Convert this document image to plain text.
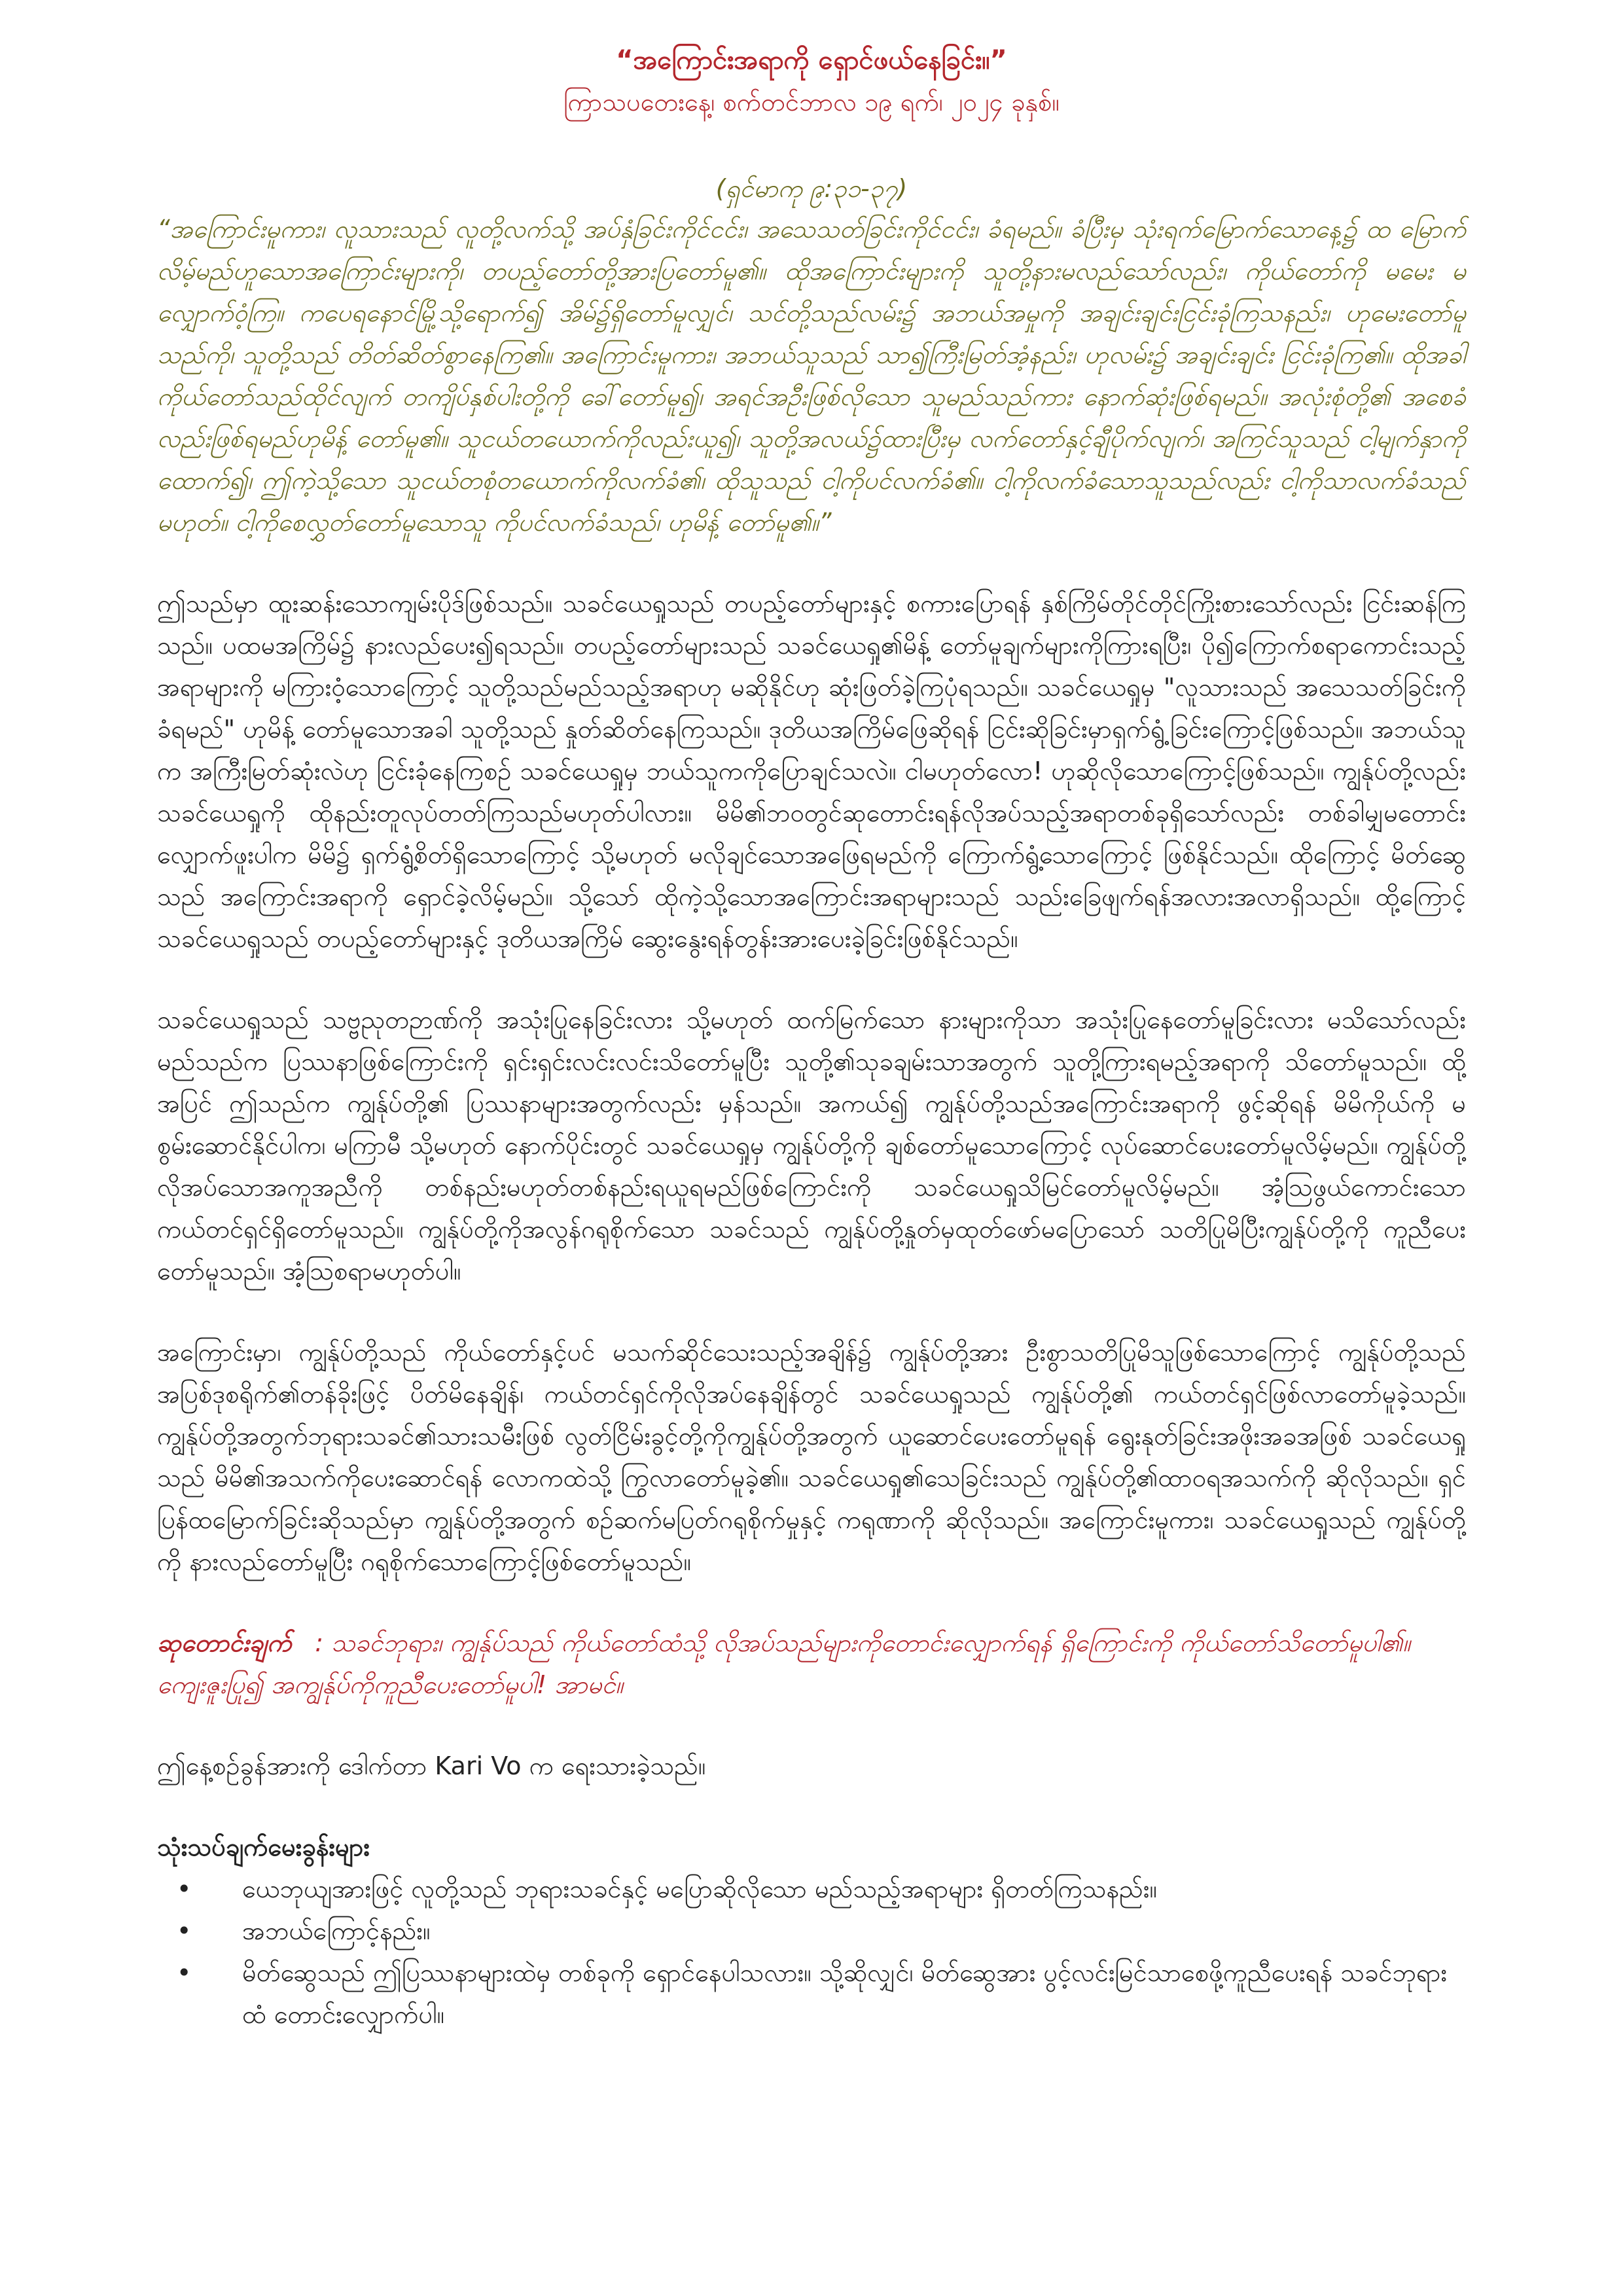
“အကြောင်းအရာကို ရှောင်ဖယ်နေခြင်း။”

ကြာသပတေးနေ့၊ စက်တင်ဘာလ ၁၉ ရက်၊ ၂၀၂၄ ခုနှစ်။

(ရှင်မာကု ၉:၃၁-၃၇)

“အကြောင်းမူကား၊ လူသားသည် လူတို့လက်သို့ အပ်နှံခြင်းကိုင်ငင်း၊ အသေသတ်ခြင်းကိုင်ငင်း၊ ခံရမည်။ ခံပြီးမှ သုံးရက်မြောက်သောနေ့၌ ထ မြောက်လိမ့်မည်ဟူသောအကြောင်းများကို၊ တပည့်တော်တို့အားပြတော်မူ၏။ ထိုအကြောင်းများကို သူတို့နားမလည်သော်လည်း၊ ကိုယ်တော်ကို မမေး မလျှောက်ဝံ့ကြ။ ကပေရနောင်မြို့သို့ရောက်၍ အိမ်၌ရှိတော်မူလျှင်၊ သင်တို့သည်လမ်း၌ အဘယ်အမှုကို အချင်းချင်းငြင်းခုံကြသနည်း၊ ဟုမေးတော်မူသည်ကို၊ သူတို့သည် တိတ်ဆိတ်စွာနေကြ၏။ အကြောင်းမူကား၊ အဘယ်သူသည် သာ၍ကြီးမြတ်အံ့နည်း၊ ဟုလမ်း၌ အချင်းချင်း ငြင်းခုံကြ၏။ ထိုအခါ ကိုယ်တော်သည်ထိုင်လျက် တကျိပ်နှစ်ပါးတို့ကို ခေါ်တော်မူ၍၊ အရင်အဦးဖြစ်လိုသော သူမည်သည်ကား နောက်ဆုံးဖြစ်ရမည်။ အလုံးစုံတို့၏ အစေခံလည်းဖြစ်ရမည်ဟုမိန့် တော်မူ၏။ သူငယ်တယောက်ကိုလည်းယူ၍၊ သူတို့အလယ်၌ထားပြီးမှ လက်တော်နှင့်ချီပိုက်လျက်၊ အကြင်သူသည် ငါ့မျက်နှာကိုထောက်၍၊ ဤကဲ့သို့သော သူငယ်တစုံတယောက်ကိုလက်ခံ၏၊ ထိုသူသည် ငါ့ကိုပင်လက်ခံ၏။ ငါ့ကိုလက်ခံသောသူသည်လည်း ငါ့ကိုသာလက်ခံသည် မဟုတ်။ ငါ့ကိုစေလွှတ်တော်မူသောသူ ကိုပင်လက်ခံသည်၊ ဟုမိန့် တော်မူ၏။”

ဤသည်မှာ ထူးဆန်းသောကျမ်းပိုဒ်ဖြစ်သည်။ သခင်ယေရှုသည် တပည့်တော်များနှင့် စကားပြောရန် နှစ်ကြိမ်တိုင်တိုင်ကြိုးစားသော်လည်း ငြင်းဆန်ကြသည်။ ပထမအကြိမ်၌ နားလည်ပေး၍ရသည်။ တပည့်တော်များသည် သခင်ယေရှု၏မိန့် တော်မူချက်များကိုကြားရပြီး၊ ပို၍ကြောက်စရာကောင်းသည့်အရာများကို မကြားဝံ့သောကြောင့် သူတို့သည်မည်သည့်အရာဟု မဆိုနိုင်ဟု ဆုံးဖြတ်ခဲ့ကြပုံရသည်။ သခင်ယေရှုမှ "လူသားသည် အသေသတ်ခြင်းကို ခံရမည်" ဟုမိန့် တော်မူသောအခါ သူတို့သည် နှုတ်ဆိတ်နေကြသည်။ ဒုတိယအကြိမ်ဖြေဆိုရန် ငြင်းဆိုခြင်းမှာရှက်ရွံ့ခြင်းကြောင့်ဖြစ်သည်။ အဘယ်သူက အကြီးမြတ်ဆုံးလဲဟု ငြင်းခုံနေကြစဉ် သခင်ယေရှုမှ ဘယ်သူကကိုပြောချင်သလဲ။ ငါမဟုတ်လော! ဟုဆိုလိုသောကြောင့်ဖြစ်သည်။ ကျွန်ုပ်တို့လည်း သခင်ယေရှုကို ထိုနည်းတူလုပ်တတ်ကြသည်မဟုတ်ပါလား။ မိမိ၏ဘဝတွင်ဆုတောင်းရန်လိုအပ်သည့်အရာတစ်ခုရှိသော်လည်း တစ်ခါမျှမတောင်းလျှောက်ဖူးပါက မိမိ၌ ရှက်ရွံ့စိတ်ရှိသောကြောင့် သို့မဟုတ် မလိုချင်သောအဖြေရမည်ကို ကြောက်ရွံ့သောကြောင့် ဖြစ်နိုင်သည်။ ထိုကြောင့် မိတ်ဆွေသည် အကြောင်းအရာကို ရှောင်ခဲ့လိမ့်မည်။ သို့သော် ထိုကဲ့သို့သောအကြောင်းအရာများသည် သည်းခြေဖျက်ရန်အလားအလာရှိသည်။ ထို့ကြောင့် သခင်ယေရှုသည် တပည့်တော်များနှင့် ဒုတိယအကြိမ် ဆွေးနွေးရန်တွန်းအားပေးခဲ့ခြင်းဖြစ်နိုင်သည်။

သခင်ယေရှုသည် သဗ္ဗညုတဉာဏ်ကို အသုံးပြုနေခြင်းလား သို့မဟုတ် ထက်မြက်သော နားများကိုသာ အသုံးပြုနေတော်မူခြင်းလား မသိသော်လည်း မည်သည်က ပြဿနာဖြစ်ကြောင်းကို ရှင်းရှင်းလင်းလင်းသိတော်မူပြီး သူတို့၏သုခချမ်းသာအတွက် သူတို့ကြားရမည့်အရာကို သိတော်မူသည်။ ထို့အပြင် ဤသည်က ကျွန်ုပ်တို့၏ ပြဿနာများအတွက်လည်း မှန်သည်။ အကယ်၍ ကျွန်ုပ်တို့သည်အကြောင်းအရာကို ဖွင့်ဆိုရန် မိမိကိုယ်ကို မစွမ်းဆောင်နိုင်ပါက၊ မကြာမီ သို့မဟုတ် နောက်ပိုင်းတွင် သခင်ယေရှုမှ ကျွန်ုပ်တို့ကို ချစ်တော်မူသောကြောင့် လုပ်ဆောင်ပေးတော်မူလိမ့်မည်။ ကျွန်ုပ်တို့လိုအပ်သောအကူအညီကို တစ်နည်းမဟုတ်တစ်နည်းရယူရမည်ဖြစ်ကြောင်းကို သခင်ယေရှုသိမြင်တော်မူလိမ့်မည်။ အံ့သြဖွယ်ကောင်းသော ကယ်တင်ရှင်ရှိတော်မူသည်။ ကျွန်ုပ်တို့ကိုအလွန်ဂရုစိုက်သော သခင်သည် ကျွန်ုပ်တို့နှုတ်မှထုတ်ဖော်မပြောသော် သတိပြုမိပြီးကျွန်ုပ်တို့ကို ကူညီပေးတော်မူသည်။ အံ့သြစရာမဟုတ်ပါ။

အကြောင်းမှာ၊ ကျွန်ုပ်တို့သည် ကိုယ်တော်နှင့်ပင် မသက်ဆိုင်သေးသည့်အချိန်၌ ကျွန်ုပ်တို့အား ဦးစွာသတိပြုမိသူဖြစ်သောကြောင့် ကျွန်ုပ်တို့သည် အပြစ်ဒုစရိုက်၏တန်ခိုးဖြင့် ပိတ်မိနေချိန်၊ ကယ်တင်ရှင်ကိုလိုအပ်နေချိန်တွင် သခင်ယေရှုသည် ကျွန်ုပ်တို့၏ ကယ်တင်ရှင်ဖြစ်လာတော်မူခဲ့သည်။ ကျွန်ုပ်တို့အတွက်ဘုရားသခင်၏သားသမီးဖြစ် လွတ်ငြိမ်းခွင့်တို့ကိုကျွန်ုပ်တို့အတွက် ယူဆောင်ပေးတော်မူရန် ရွေးနုတ်ခြင်းအဖိုးအခအဖြစ် သခင်ယေရှုသည် မိမိ၏အသက်ကိုပေးဆောင်ရန် လောကထဲသို့ ကြွလာတော်မူခဲ့၏။ သခင်ယေရှု၏သေခြင်းသည် ကျွန်ုပ်တို့၏ထာဝရအသက်ကို ဆိုလိုသည်။ ရှင်ပြန်ထမြောက်ခြင်းဆိုသည်မှာ ကျွန်ုပ်တို့အတွက် စဉ်ဆက်မပြတ်ဂရုစိုက်မှုနှင့် ကရုဏာကို ဆိုလိုသည်။ အကြောင်းမူကား၊ သခင်ယေရှုသည် ကျွန်ုပ်တို့ကို နားလည်တော်မူပြီး ဂရုစိုက်သောကြောင့်ဖြစ်တော်မူသည်။

ဆုတောင်းချက် : သခင်ဘုရား၊ ကျွန်ုပ်သည် ကိုယ်တော်ထံသို့ လိုအပ်သည်များကိုတောင်းလျှောက်ရန် ရှိကြောင်းကို ကိုယ်တော်သိတော်မူပါ၏။ ကျေးဇူးပြု၍ အကျွန်ုပ်ကိုကူညီပေးတော်မူပါ! အာမင်။

ဤနေ့စဉ်ခွန်အားကို ဒေါက်တာ Kari Vo က ရေးသားခဲ့သည်။

သုံးသပ်ချက်မေးခွန်းများ

• ယေဘုယျအားဖြင့် လူတို့သည် ဘုရားသခင်နှင့် မပြောဆိုလိုသော မည်သည့်အရာများ ရှိတတ်ကြသနည်း။
• အဘယ်ကြောင့်နည်း။
• မိတ်ဆွေသည် ဤပြဿနာများထဲမှ တစ်ခုကို ရှောင်နေပါသလား။ သို့ဆိုလျှင်၊ မိတ်ဆွေအား ပွင့်လင်းမြင်သာစေဖို့ကူညီပေးရန် သခင်ဘုရားထံ တောင်းလျှောက်ပါ။
